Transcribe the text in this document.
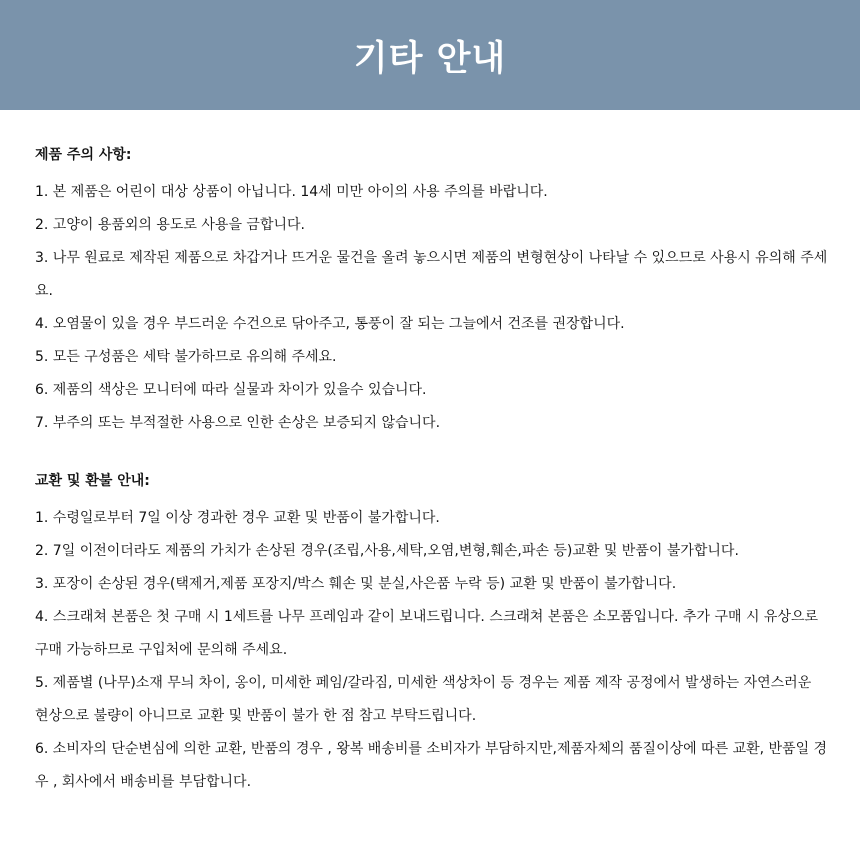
기타 안내
제품 주의 사항:
1. 본 제품은 어린이 대상 상품이 아닙니다. 14세 미만 아이의 사용 주의를 바랍니다.
2. 고양이 용품외의 용도로 사용을 금합니다.
3. 나무 원료로 제작된 제품으로 차갑거나 뜨거운 물건을 올려 놓으시면 제품의 변형현상이 나타날 수 있으므로 사용시 유의해 주세요.
4. 오염물이 있을 경우 부드러운 수건으로 닦아주고, 통풍이 잘 되는 그늘에서 건조를 권장합니다.
5. 모든 구성품은 세탁 불가하므로 유의해 주세요.
6. 제품의 색상은 모니터에 따라 실물과 차이가 있을수 있습니다.
7. 부주의 또는 부적절한 사용으로 인한 손상은 보증되지 않습니다.
교환 및 환불 안내:
1. 수령일로부터 7일 이상 경과한 경우 교환 및 반품이 불가합니다.
2. 7일 이전이더라도 제품의 가치가 손상된 경우(조립,사용,세탁,오염,변형,훼손,파손 등)교환 및 반품이 불가합니다.
3. 포장이 손상된 경우(택제거,제품 포장지/박스 훼손 및 분실,사은품 누락 등) 교환 및 반품이 불가합니다.
4. 스크래쳐 본품은 첫 구매 시 1세트를 나무 프레임과 같이 보내드립니다. 스크래쳐 본품은 소모품입니다. 추가 구매 시 유상으로 구매 가능하므로 구입처에 문의해 주세요.
5. 제품별 (나무)소재 무늬 차이, 옹이, 미세한 페임/갈라짐, 미세한 색상차이 등 경우는 제품 제작 공정에서 발생하는 자연스러운 현상으로 불량이 아니므로 교환 및 반품이 불가 한 점 참고 부탁드립니다.
6. 소비자의 단순변심에 의한 교환, 반품의 경우 , 왕복 배송비를 소비자가 부담하지만,제품자체의 품질이상에 따른 교환, 반품일 경우 , 회사에서 배송비를 부담합니다.
